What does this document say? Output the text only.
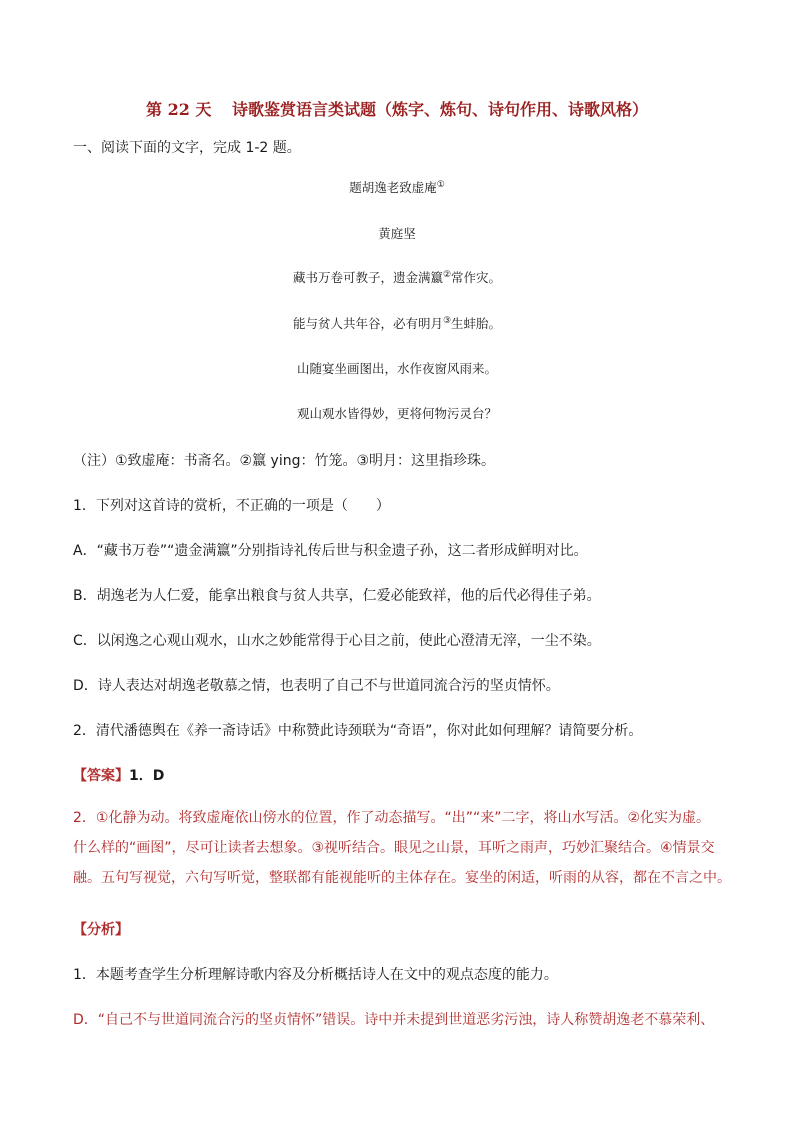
第 22 天 诗歌鉴赏语言类试题（炼字、炼句、诗句作用、诗歌风格）
一、阅读下面的文字，完成 1-2 题。
题胡逸老致虚庵①
黄庭坚
藏书万卷可教子，遗金满籝②常作灾。
能与贫人共年谷，必有明月③生蚌胎。
山随宴坐画图出，水作夜窗风雨来。
观山观水皆得妙，更将何物污灵台？
（注）①致虚庵：书斋名。②籝 ying：竹笼。③明月：这里指珍珠。
1．下列对这首诗的赏析，不正确的一项是（　　）
A．“藏书万卷”“遗金满籝”分别指诗礼传后世与积金遗子孙，这二者形成鲜明对比。
B．胡逸老为人仁爱，能拿出粮食与贫人共享，仁爱必能致祥，他的后代必得佳子弟。
C．以闲逸之心观山观水，山水之妙能常得于心目之前，使此心澄清无滓，一尘不染。
D．诗人表达对胡逸老敬慕之情，也表明了自己不与世道同流合污的坚贞情怀。
2．清代潘德舆在《养一斋诗话》中称赞此诗颈联为“奇语”，你对此如何理解？请简要分析。
【答案】1．D
2．①化静为动。将致虚庵依山傍水的位置，作了动态描写。“出”“来”二字，将山水写活。②化实为虚。
什么样的“画图”，尽可让读者去想象。③视听结合。眼见之山景，耳听之雨声，巧妙汇聚结合。④情景交
融。五句写视觉，六句写听觉，整联都有能视能听的主体存在。宴坐的闲适，听雨的从容，都在不言之中。
【分析】
1．本题考查学生分析理解诗歌内容及分析概括诗人在文中的观点态度的能力。
D．“自己不与世道同流合污的坚贞情怀”错误。诗中并未提到世道恶劣污浊，诗人称赞胡逸老不慕荣利、
